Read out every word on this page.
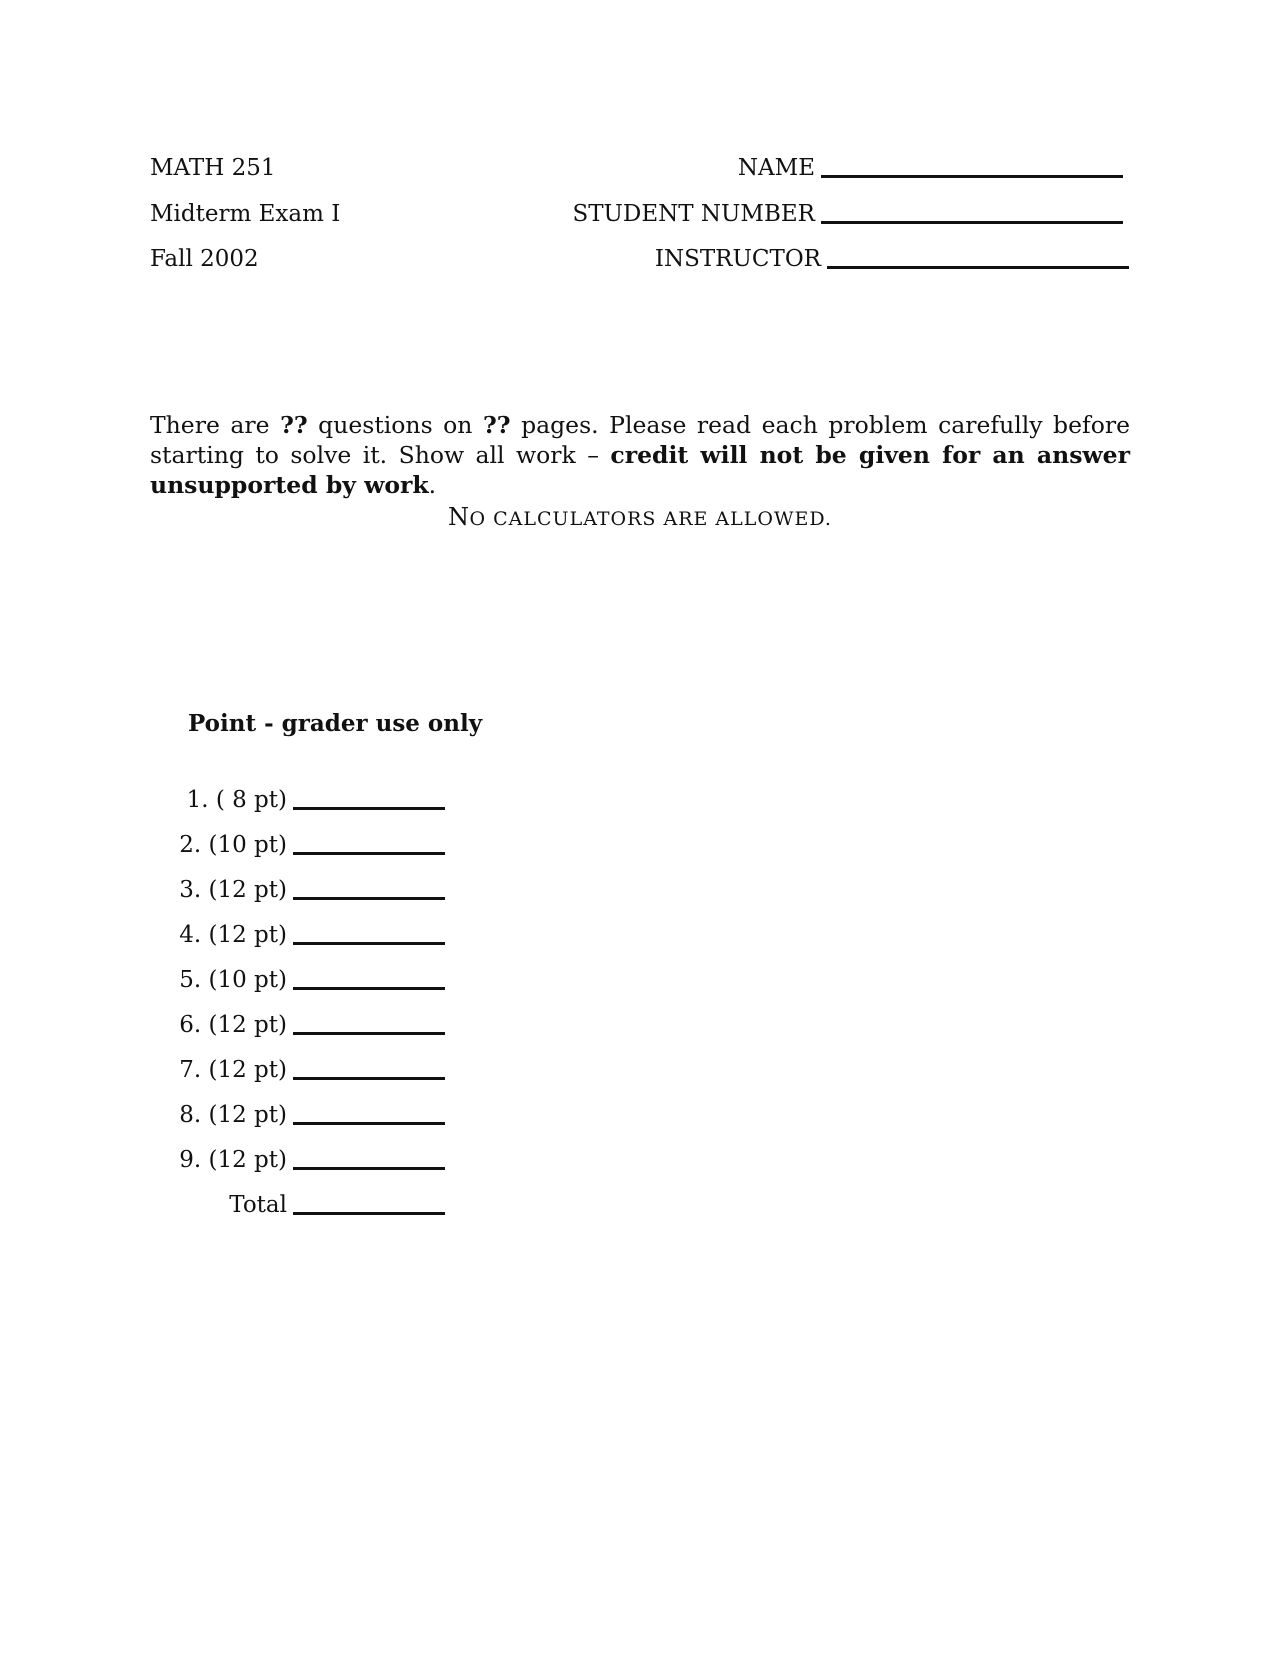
MATH 251
Midterm Exam I
Fall 2002
NAME
STUDENT NUMBER
INSTRUCTOR
There are ?? questions on ?? pages. Please read each problem carefully before starting to solve it. Show all work – credit will not be given for an answer unsupported by work.
NO CALCULATORS ARE ALLOWED.
Point - grader use only
1. ( 8 pt)
2. (10 pt)
3. (12 pt)
4. (12 pt)
5. (10 pt)
6. (12 pt)
7. (12 pt)
8. (12 pt)
9. (12 pt)
Total
